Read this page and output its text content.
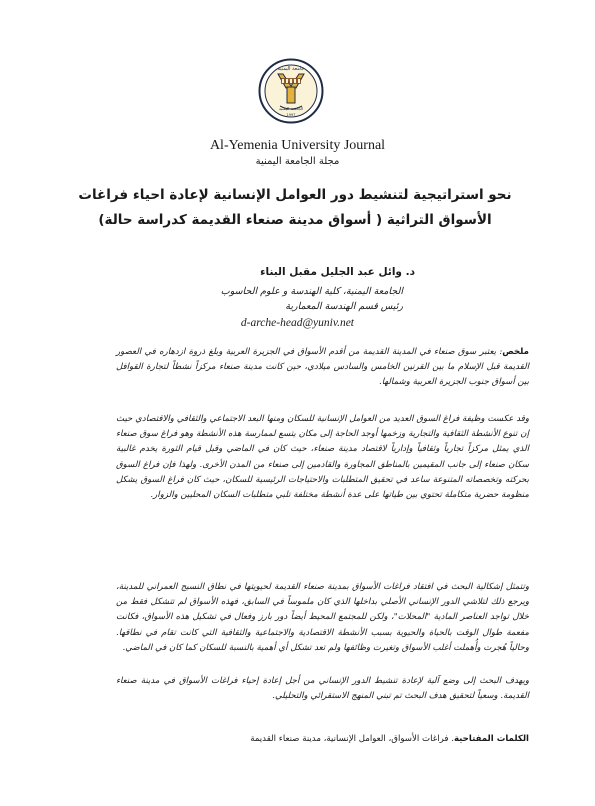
جامعة اليمنية
الجامعة اليمنية
1997
Al-Yemenia University Journal
مجلة الجامعة اليمنية
نحو استراتيجية لتنشيط دور العوامل الإنسانية لإعادة احياء فراغات
الأسواق التراثية ( أسواق مدينة صنعاء القديمة كدراسة حالة)
د. وائل عبد الجليل مقبل البناء
الجامعة اليمنية، كلية الهندسة و علوم الحاسوب
رئيس قسم الهندسة المعمارية
d-arche-head@yuniv.net

ملخص: يعتبر سوق صنعاء في المدينة القديمة من أقدم الأسواق في الجزيرة العربية وبلغ ذروة ازدهاره في العصور القديمة قبل الإسلام ما بين القرنين الخامس والسادس ميلادي، حين كانت مدينة صنعاء مركزاً نشطاً لتجارة القوافل بين أسواق جنوب الجزيرة العربية وشمالها.

وقد عكست وظيفة فراغ السوق العديد من العوامل الإنسانية للسكان ومنها البعد الاجتماعي والثقافي والاقتصادي حيث إن تنوع الأنشطة الثقافية والتجارية وزخمها أوجد الحاجة إلى مكان يتسع لممارسة هذه الأنشطة وهو فراغ سوق صنعاء الذي يمثل مركزاً تجارياً وثقافياً وإدارياً لاقتصاد مدينة صنعاء، حيث كان في الماضي وقبل قيام الثورة يخدم غالبية سكان صنعاء إلى جانب المقيمين بالمناطق المجاورة والقادمين إلى صنعاء من المدن الأخرى. ولهذا فإن فراغ السوق بحركته وتخصصاته المتنوعة ساعد في تحقيق المتطلبات والاحتياجات الرئيسية للسكان، حيث كان فراغ السوق يشكل منظومة حضرية متكاملة تحتوي بين طياتها على عدة أنشطة مختلفة تلبي متطلبات السكان المحليين والزوار.

وتتمثل إشكالية البحث في افتقاد فراغات الأسواق بمدينة صنعاء القديمة لحيويتها في نطاق النسيج العمراني للمدينة، ويرجع ذلك لتلاشي الدور الإنساني الأصلي بداخلها الذي كان ملموساً في السابق، فهذه الأسواق لم تتشكل فقط من خلال تواجد العناصر المادية "المحلات"، ولكن للمجتمع المحيط أيضاً دور بارز وفعال في تشكيل هذه الأسواق، فكانت مفعمة طوال الوقت بالحياة والحيوية بسبب الأنشطة الاقتصادية والاجتماعية والثقافية التي كانت تقام في نطاقها. وحالياً هُجرت وأُهملت أغلب الأسواق وتغيرت وظائفها ولم تعد تشكل أي أهمية بالنسبة للسكان كما كان في الماضي.

ويهدف البحث إلى وضع آلية لإعادة تنشيط الدور الإنساني من أجل إعادة إحياء فراغات الأسواق في مدينة صنعاء القديمة. وسعياً لتحقيق هدف البحث تم تبني المنهج الاستقرائي والتحليلي.

الكلمات المفتاحية. فراغات الأسواق، العوامل الإنسانية، مدينة صنعاء القديمة
